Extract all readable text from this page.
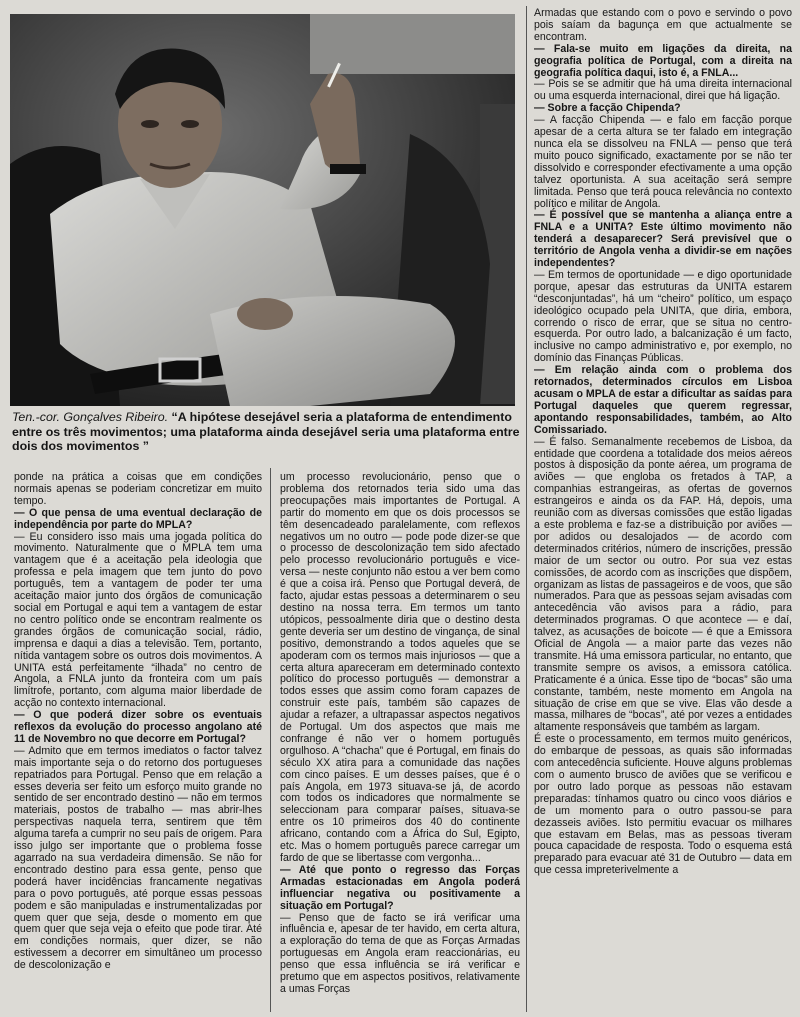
Ten.-cor. Gonçalves Ribeiro. “A hipótese desejável seria a plataforma de entendimento entre os três movimentos; uma plataforma ainda desejável seria uma plataforma entre dois dos movimentos ”

ponde na prática a coisas que em condições normais apenas se poderiam concretizar em muito tempo.

— O que pensa de uma eventual declaração de independência por parte do MPLA?

— Eu considero isso mais uma jogada política do movimento. Naturalmente que o MPLA tem uma vantagem que é a aceitação pela ideologia que professa e pela imagem que tem junto do povo português, tem a vantagem de poder ter uma aceitação maior junto dos órgãos de comunicação social em Portugal e aqui tem a vantagem de estar no centro político onde se encontram realmente os grandes órgãos de comunicação social, rádio, imprensa e daqui a dias a televisão. Tem, portanto, nítida vantagem sobre os outros dois movimentos. A UNITA está perfeitamente “ilhada” no centro de Angola, a FNLA junto da fronteira com um país limítrofe, portanto, com alguma maior liberdade de acção no contexto internacional.

— O que poderá dizer sobre os eventuais reflexos da evolução do processo angolano até 11 de Novembro no que decorre em Portugal?

— Admito que em termos imediatos o factor talvez mais importante seja o do retorno dos portugueses repatriados para Portugal. Penso que em relação a esses deveria ser feito um esforço muito grande no sentido de ser encontrado destino — não em termos materiais, postos de trabalho — mas abrir-lhes perspectivas naquela terra, sentirem que têm alguma tarefa a cumprir no seu país de origem. Para isso julgo ser importante que o problema fosse agarrado na sua verdadeira dimensão. Se não for encontrado destino para essa gente, penso que poderá haver incidências francamente negativas para o povo português, até porque essas pessoas podem e são manipuladas e instrumentalizadas por quem quer que seja, desde o momento em que quem quer que seja veja o efeito que pode tirar. Até em condições normais, quer dizer, se não estivessem a decorrer em simultâneo um processo de descolonização e

um processo revolucionário, penso que o problema dos retornados teria sido uma das preocupações mais importantes de Portugal. A partir do momento em que os dois processos se têm desencadeado paralelamente, com reflexos negativos um no outro — pode pode dizer-se que o processo de descolonização tem sido afectado pelo processo revolucionário português e vice-versa — neste conjunto não estou a ver bem como é que a coisa irá. Penso que Portugal deverá, de facto, ajudar estas pessoas a determinarem o seu destino na nossa terra. Em termos um tanto utópicos, pessoalmente diria que o destino desta gente deveria ser um destino de vingança, de sinal positivo, demonstrando a todos aqueles que se apoderam com os termos mais injuriosos — que a certa altura apareceram em determinado contexto político do processo português — demonstrar a todos esses que assim como foram capazes de construir este país, também são capazes de ajudar a refazer, a ultrapassar aspectos negativos de Portugal. Um dos aspectos que mais me confrange é não ver o homem português orgulhoso. A “chacha” que é Portugal, em finais do século XX atira para a comunidade das nações com cinco países. E um desses países, que é o país Angola, em 1973 situava-se já, de acordo com todos os indicadores que normalmente se seleccionam para comparar países, situava-se entre os 10 primeiros dos 40 do continente africano, contando com a África do Sul, Egipto, etc. Mas o homem português parece carregar um fardo de que se libertasse com vergonha...

— Até que ponto o regresso das Forças Armadas estacionadas em Angola poderá influenciar negativa ou positivamente a situação em Portugal?

— Penso que de facto se irá verificar uma influência e, apesar de ter havido, em certa altura, a exploração do tema de que as Forças Armadas portuguesas em Angola eram reaccionárias, eu penso que essa influência se irá verificar e pretumo que em aspectos positivos, relativamente a umas Forças

Armadas que estando com o povo e servindo o povo pois saíam da bagunça em que actualmente se encontram.

— Fala-se muito em ligações da direita, na geografia política de Portugal, com a direita na geografia política daqui, isto é, a FNLA...

— Pois se se admitir que há uma direita internacional ou uma esquerda internacional, direi que há ligação.

— Sobre a facção Chipenda?

— A facção Chipenda — e falo em facção porque apesar de a certa altura se ter falado em integração nunca ela se dissolveu na FNLA — penso que terá muito pouco significado, exactamente por se não ter dissolvido e corresponder efectivamente a uma opção talvez oportunista. A sua aceitação será sempre limitada. Penso que terá pouca relevância no contexto político e militar de Angola.

— É possível que se mantenha a aliança entre a FNLA e a UNITA? Este último movimento não tenderá a desaparecer? Será previsível que o território de Angola venha a dividir-se em nações independentes?

— Em termos de oportunidade — e digo oportunidade porque, apesar das estruturas da UNITA estarem “desconjuntadas”, há um “cheiro” político, um espaço ideológico ocupado pela UNITA, que diria, embora, correndo o risco de errar, que se situa no centro-esquerda. Por outro lado, a balcanização é um facto, inclusive no campo administrativo e, por exemplo, no domínio das Finanças Públicas.

— Em relação ainda com o problema dos retornados, determinados círculos em Lisboa acusam o MPLA de estar a dificultar as saídas para Portugal daqueles que querem regressar, apontando responsabilidades, também, ao Alto Comissariado.

— É falso. Semanalmente recebemos de Lisboa, da entidade que coordena a totalidade dos meios aéreos postos à disposição da ponte aérea, um programa de aviões — que engloba os fretados à TAP, a companhias estrangeiras, as ofertas de governos estrangeiros e ainda os da FAP. Há, depois, uma reunião com as diversas comissões que estão ligadas a este problema e faz-se a distribuição por aviões — por adidos ou desalojados — de acordo com determinados critérios, número de inscrições, pressão maior de um sector ou outro. Por sua vez estas comissões, de acordo com as inscrições que dispõem, organizam as listas de passageiros e de voos, que são numerados. Para que as pessoas sejam avisadas com antecedência vão avisos para a rádio, para determinados programas. O que acontece — e daí, talvez, as acusações de boicote — é que a Emissora Oficial de Angola — a maior parte das vezes não transmite. Há uma emissora particular, no entanto, que transmite sempre os avisos, a emissora católica. Praticamente é a única. Esse tipo de “bocas” são uma constante, também, neste momento em Angola na situação de crise em que se vive. Elas vão desde a massa, milhares de “bocas”, até por vezes a entidades altamente responsáveis que também as largam.

É este o processamento, em termos muito genéricos, do embarque de pessoas, as quais são informadas com antecedência suficiente. Houve alguns problemas com o aumento brusco de aviões que se verificou e por outro lado porque as pessoas não estavam preparadas: tínhamos quatro ou cinco voos diários e de um momento para o outro passou-se para dezasseis aviões. Isto permitiu evacuar os milhares que estavam em Belas, mas as pessoas tiveram pouca capacidade de resposta. Todo o esquema está preparado para evacuar até 31 de Outubro — data em que cessa impreterivelmente a
